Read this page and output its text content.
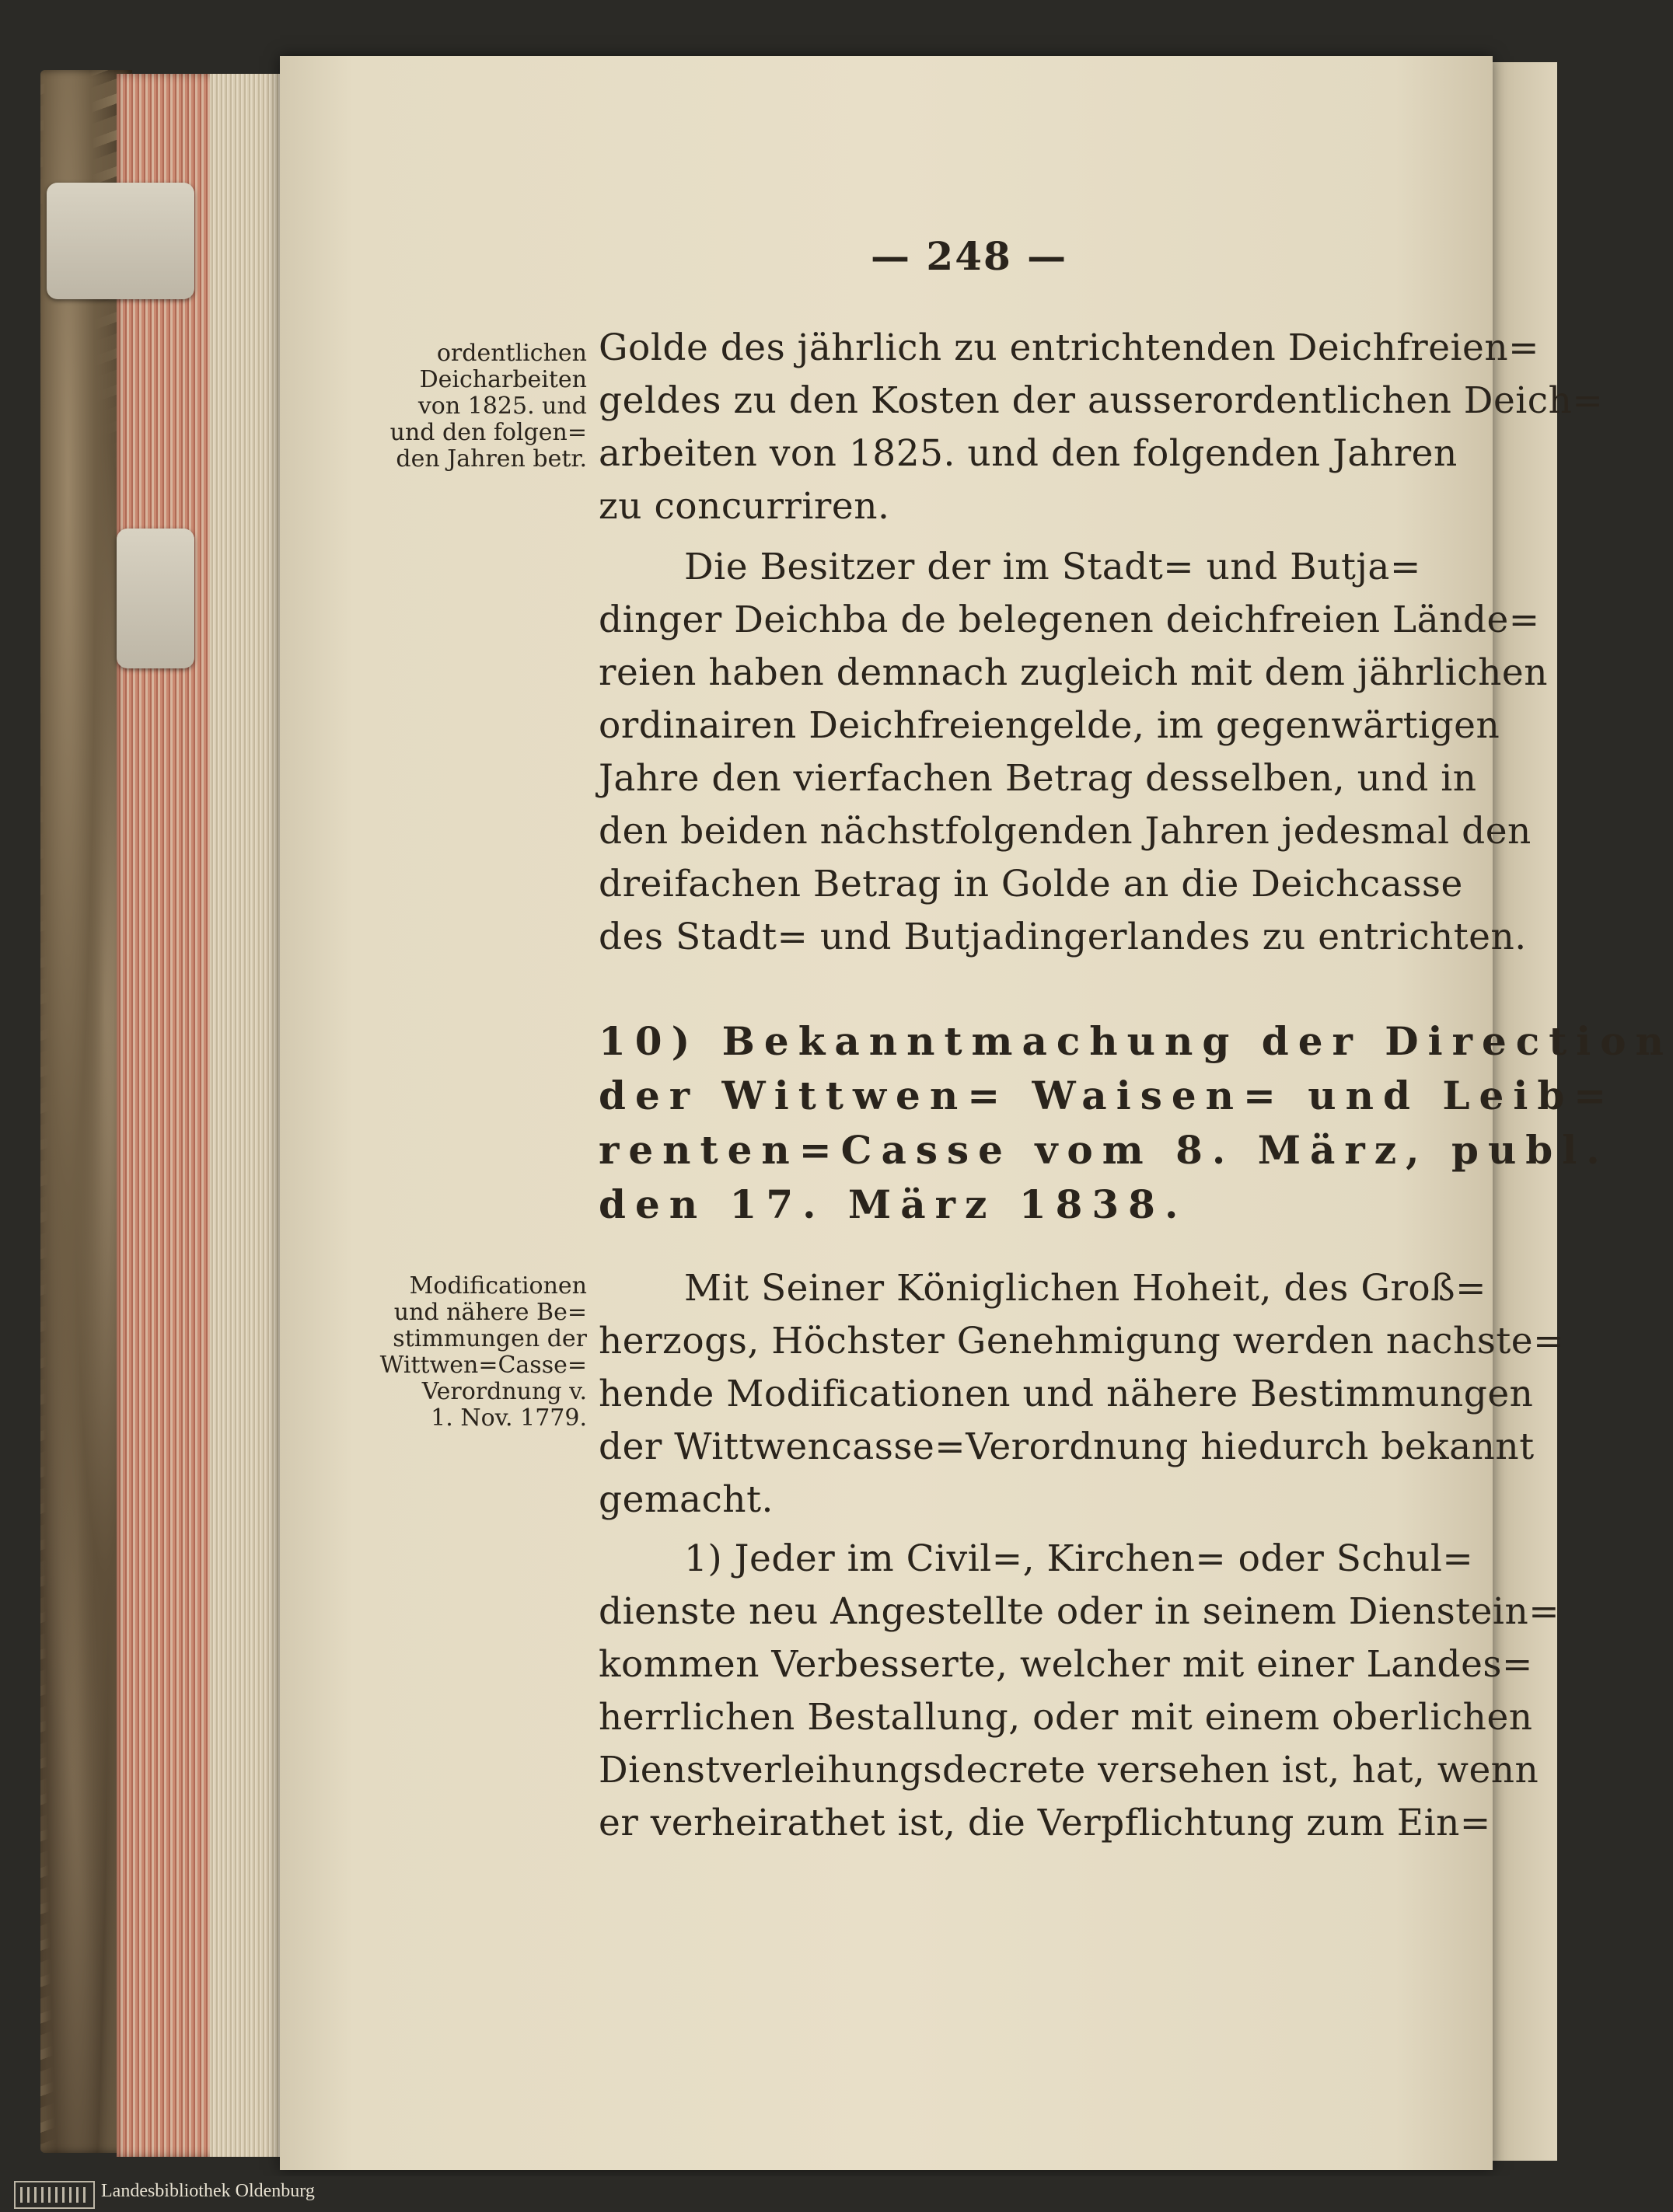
— 248 —
ordentlichen
Deicharbeiten
von 1825. und
und den folgen=
den Jahren betr.
Modificationen
und nähere Be=
stimmungen der
Wittwen=Casse=
Verordnung v.
1. Nov. 1779.
Golde des jährlich zu entrichtenden Deichfreien=
geldes zu den Kosten der ausserordentlichen Deich=
arbeiten von 1825. und den folgenden Jahren
zu concurriren.
Die Besitzer der im Stadt= und Butja=
dinger Deichba de belegenen deichfreien Lände=
reien haben demnach zugleich mit dem jährlichen
ordinairen Deichfreiengelde, im gegenwärtigen
Jahre den vierfachen Betrag desselben, und in
den beiden nächstfolgenden Jahren jedesmal den
dreifachen Betrag in Golde an die Deichcasse
des Stadt= und Butjadingerlandes zu entrichten.
10) Bekanntmachung der Direction
der Wittwen= Waisen= und Leib=
renten=Casse vom 8. März, publ.
den 17. März 1838.
Mit Seiner Königlichen Hoheit, des Groß=
herzogs, Höchster Genehmigung werden nachste=
hende Modificationen und nähere Bestimmungen
der Wittwencasse=Verordnung hiedurch bekannt
gemacht.
1) Jeder im Civil=, Kirchen= oder Schul=
dienste neu Angestellte oder in seinem Dienstein=
kommen Verbesserte, welcher mit einer Landes=
herrlichen Bestallung, oder mit einem oberlichen
Dienstverleihungsdecrete versehen ist, hat, wenn
er verheirathet ist, die Verpflichtung zum Ein=
Landesbibliothek Oldenburg
